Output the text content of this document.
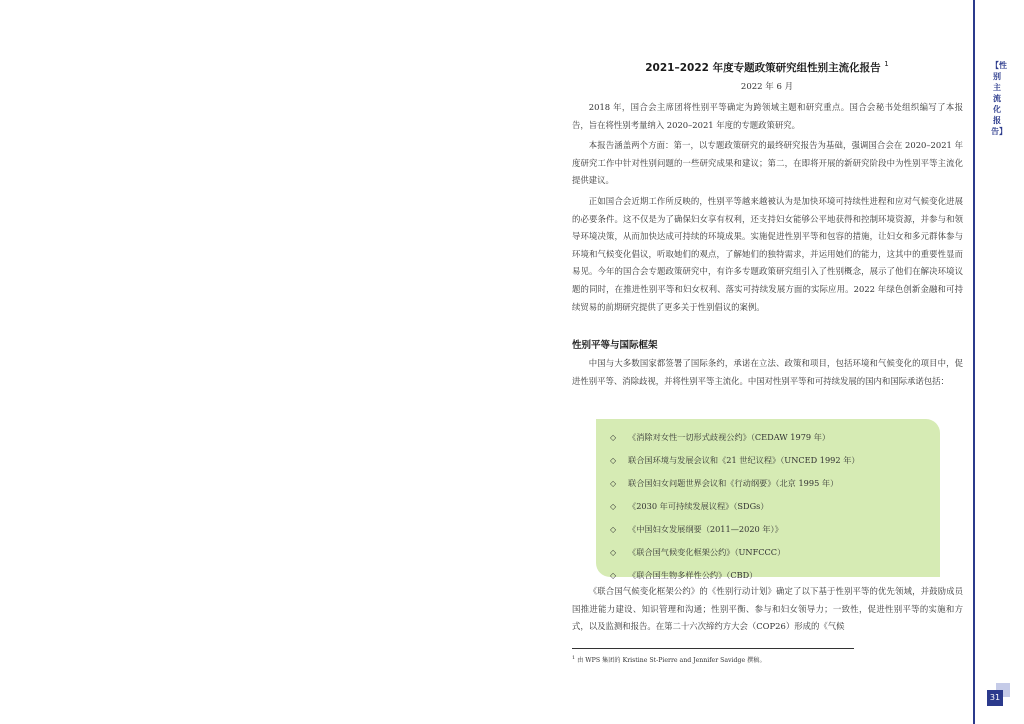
【性别主流化报告】
31
2021–2022 年度专题政策研究组性别主流化报告 $^1$
2022 年 6 月

2018 年，国合会主席团将性别平等确定为跨领域主题和研究重点。国合会秘书处组织编写了本报告，旨在将性别考量纳入 2020–2021 年度的专题政策研究。

本报告涵盖两个方面：第一，以专题政策研究的最终研究报告为基础，强调国合会在 2020–2021 年度研究工作中针对性别问题的一些研究成果和建议；第二，在即将开展的新研究阶段中为性别平等主流化提供建议。

正如国合会近期工作所反映的，性别平等越来越被认为是加快环境可持续性进程和应对气候变化进展的必要条件。这不仅是为了确保妇女享有权利，还支持妇女能够公平地获得和控制环境资源，并参与和领导环境决策，从而加快达成可持续的环境成果。实施促进性别平等和包容的措施，让妇女和多元群体参与环境和气候变化倡议，听取她们的观点，了解她们的独特需求，并运用她们的能力，这其中的重要性显而易见。今年的国合会专题政策研究中，有许多专题政策研究组引入了性别概念，展示了他们在解决环境议题的同时，在推进性别平等和妇女权利、落实可持续发展方面的实际应用。2022 年绿色创新金融和可持续贸易的前期研究提供了更多关于性别倡议的案例。

性别平等与国际框架

中国与大多数国家都签署了国际条约，承诺在立法、政策和项目，包括环境和气候变化的项目中，促进性别平等、消除歧视，并将性别平等主流化。中国对性别平等和可持续发展的国内和国际承诺包括：

◇ 《消除对女性一切形式歧视公约》（CEDAW 1979 年）
◇ 联合国环境与发展会议和《21 世纪议程》（UNCED 1992 年）
◇ 联合国妇女问题世界会议和《行动纲要》（北京 1995 年）
◇ 《2030 年可持续发展议程》（SDGs）
◇ 《中国妇女发展纲要（2011—2020 年）》
◇ 《联合国气候变化框架公约》（UNFCCC）
◇ 《联合国生物多样性公约》（CBD）

《联合国气候变化框架公约》的《性别行动计划》确定了以下基于性别平等的优先领域，并鼓励成员国推进能力建设、知识管理和沟通；性别平衡、参与和妇女领导力；一致性，促进性别平等的实施和方式，以及监测和报告。在第二十六次缔约方大会（COP26）形成的《气候

$^1$ 由 WPS 集团的 Kristine St-Pierre and Jennifer Savidge 撰稿。
